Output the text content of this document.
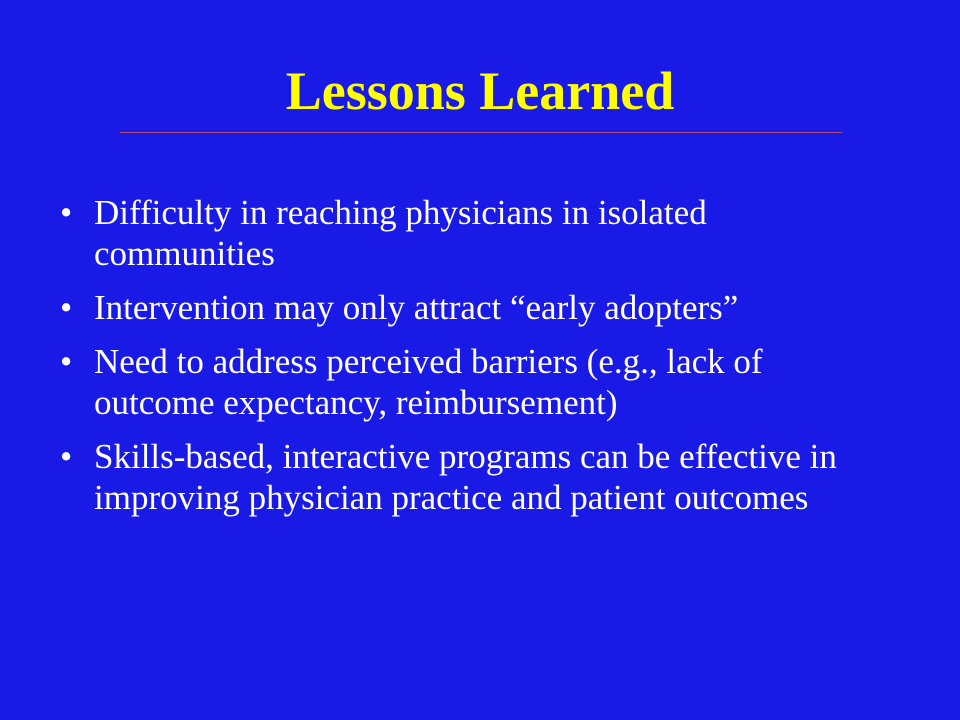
Lessons Learned
• Difficulty in reaching physicians in isolated communities
• Intervention may only attract “early adopters”
• Need to address perceived barriers (e.g., lack of outcome expectancy, reimbursement)
• Skills-based, interactive programs can be effective in improving physician practice and patient outcomes
